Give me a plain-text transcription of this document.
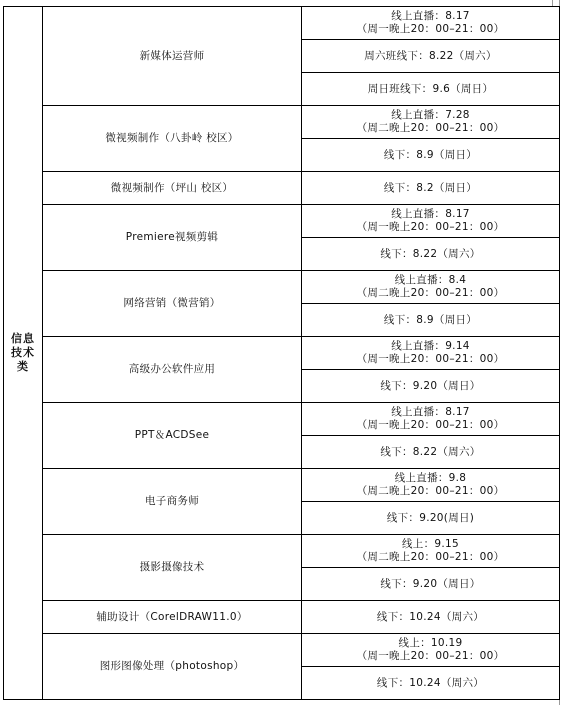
信息
技术
类	新媒体运营师	线上直播：8.17
（周一晚上20：00–21：00）

		周六班线下：8.22（周六）

		周日班线下：9.6（周日）

	微视频制作（八卦岭 校区）	线上直播：7.28
（周二晚上20：00–21：00）

		线下：8.9（周日）

	微视频制作（坪山 校区）	线下：8.2（周日）

	Premiere视频剪辑	线上直播：8.17
（周一晚上20：00–21：00）

		线下：8.22（周六）

	网络营销（微营销）	线上直播：8.4
（周二晚上20：00–21：00）

		线下：8.9（周日）

	高级办公软件应用	线上直播：9.14
（周一晚上20：00–21：00）

		线下：9.20（周日）

	PPT＆ACDSee	线上直播：8.17
（周一晚上20：00–21：00）

		线下：8.22（周六）

	电子商务师	线上直播：9.8
（周二晚上20：00–21：00）

		线下：9.20(周日)

	摄影摄像技术	线上：9.15
（周二晚上20：00–21：00）

		线下：9.20（周日）

	辅助设计（CorelDRAW11.0）	线下：10.24（周六）

	图形图像处理（photoshop）	线上：10.19
（周一晚上20：00–21：00）

		线下：10.24（周六）
